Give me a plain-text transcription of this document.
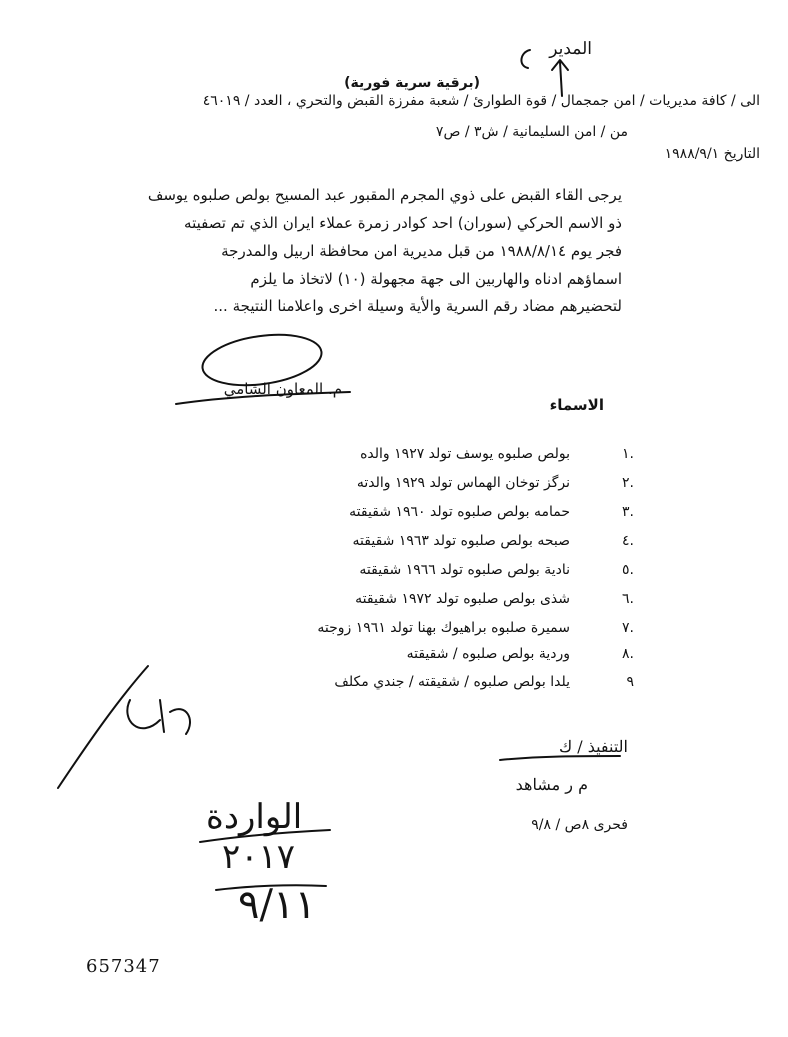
المدير
(برقية سرية فورية)
الى / كافة مديريات / امن جمجمال / قوة الطوارئ / شعبة مفرزة القبض والتحري ، العدد / ٤٦٠١٩
من / امن السليمانية / ش٣ / ص٧
التاريخ ١٩٨٨/٩/١
يرجى القاء القبض على ذوي المجرم المقبور عبد المسيح بولص صلبوه يوسف
ذو الاسم الحركي (سوران) احد كوادر زمرة عملاء ايران الذي تم تصفيته
فجر يوم ١٩٨٨/٨/١٤ من قبل مديرية امن محافظة اربيل والمدرجة
اسماؤهم ادناه والهاربين الى جهة مجهولة (١٠) لاتخاذ ما يلزم
لتحضيرهم مضاد رقم السرية والأية وسيلة اخرى واعلامنا النتيجة ...
م. المعاون الشامي
الاسماء
١.
بولص صلبوه يوسف تولد ١٩٢٧ والده
٢.
نرگز توخان الهماس تولد ١٩٢٩ والدته
٣.
حمامه بولص صلبوه تولد ١٩٦٠ شقيقته
٤.
صبحه بولص صلبوه تولد ١٩٦٣ شقيقته
٥.
نادية بولص صلبوه تولد ١٩٦٦ شقيقته
٦.
شذى بولص صلبوه تولد ١٩٧٢ شقيقته
٧.
سميرة صلبوه براهيوك بهنا تولد ١٩٦١ زوجته
٨.
وردية بولص صلبوه / شقيقته
٩
يلدا بولص صلبوه / شقيقته / جندي مكلف
التنفيذ / ك
م ر مشاهد
فحرى ٨ص / ٩/٨
الواردة
٢٠١٧
٩/١١
657347
